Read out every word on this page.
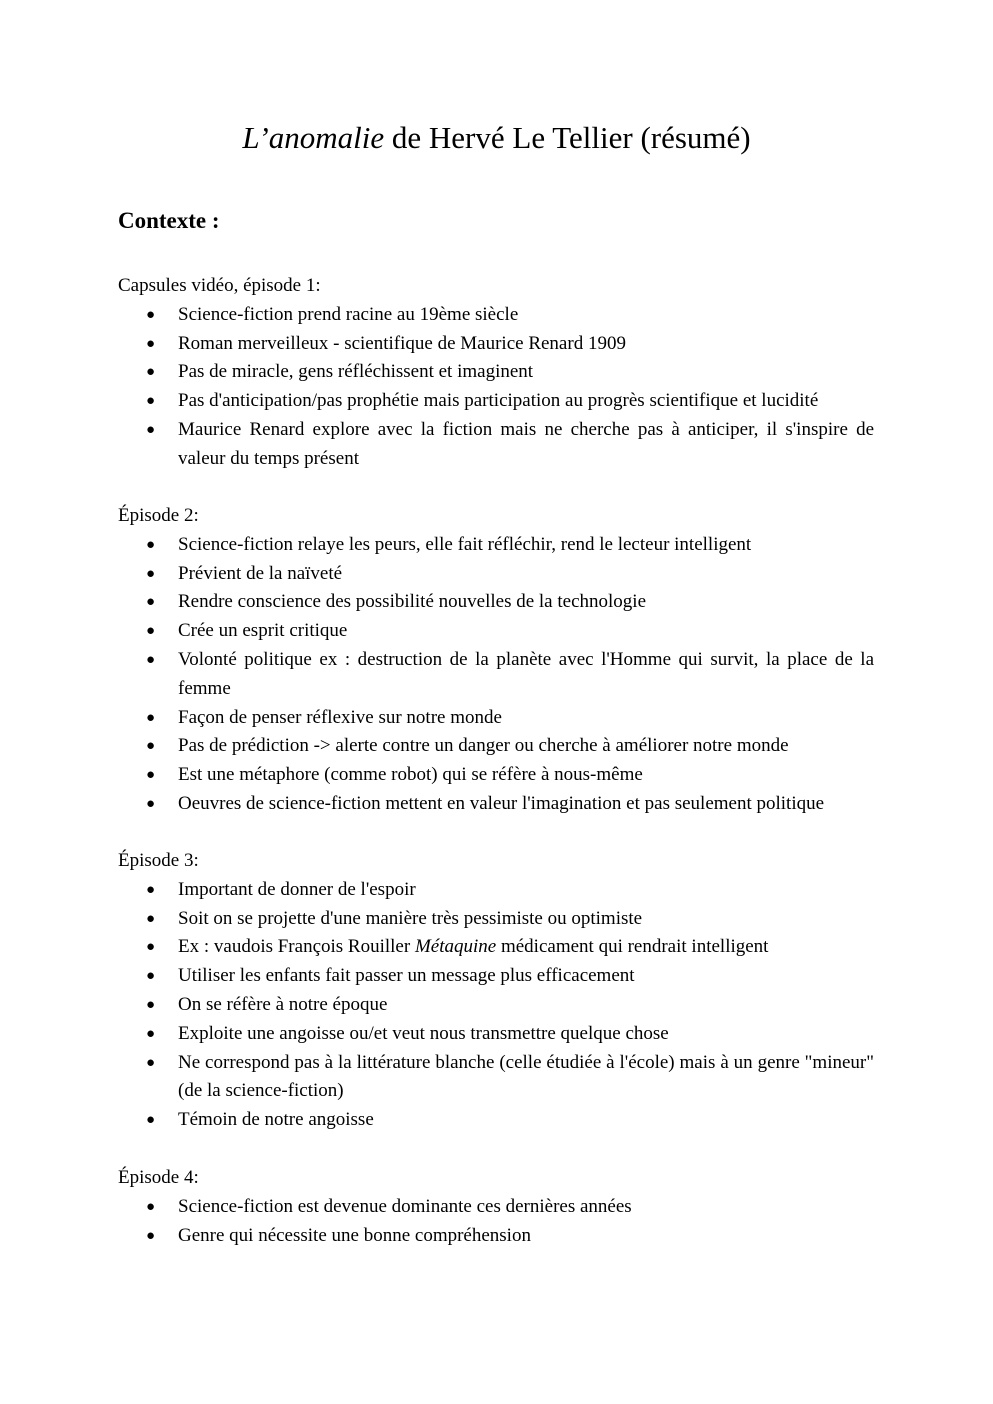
L’anomalie de Hervé Le Tellier (résumé)
Contexte :

Capsules vidéo, épisode 1:

● Science-fiction prend racine au 19ème siècle
● Roman merveilleux - scientifique de Maurice Renard 1909
● Pas de miracle, gens réfléchissent et imaginent
● Pas d'anticipation/pas prophétie mais participation au progrès scientifique et lucidité
● Maurice Renard explore avec la fiction mais ne cherche pas à anticiper, il s'inspire de valeur du temps présent

Épisode 2:

● Science-fiction relaye les peurs, elle fait réfléchir, rend le lecteur intelligent
● Prévient de la naïveté
● Rendre conscience des possibilité nouvelles de la technologie
● Crée un esprit critique
● Volonté politique ex : destruction de la planète avec l'Homme qui survit, la place de la femme
● Façon de penser réflexive sur notre monde
● Pas de prédiction -> alerte contre un danger ou cherche à améliorer notre monde
● Est une métaphore (comme robot) qui se réfère à nous-même
● Oeuvres de science-fiction mettent en valeur l'imagination et pas seulement politique

Épisode 3:

● Important de donner de l'espoir
● Soit on se projette d'une manière très pessimiste ou optimiste
● Ex : vaudois François Rouiller Métaquine médicament qui rendrait intelligent
● Utiliser les enfants fait passer un message plus efficacement
● On se réfère à notre époque
● Exploite une angoisse ou/et veut nous transmettre quelque chose
● Ne correspond pas à la littérature blanche (celle étudiée à l'école) mais à un genre "mineur" (de la science-fiction)
● Témoin de notre angoisse

Épisode 4:

● Science-fiction est devenue dominante ces dernières années
● Genre qui nécessite une bonne compréhension
